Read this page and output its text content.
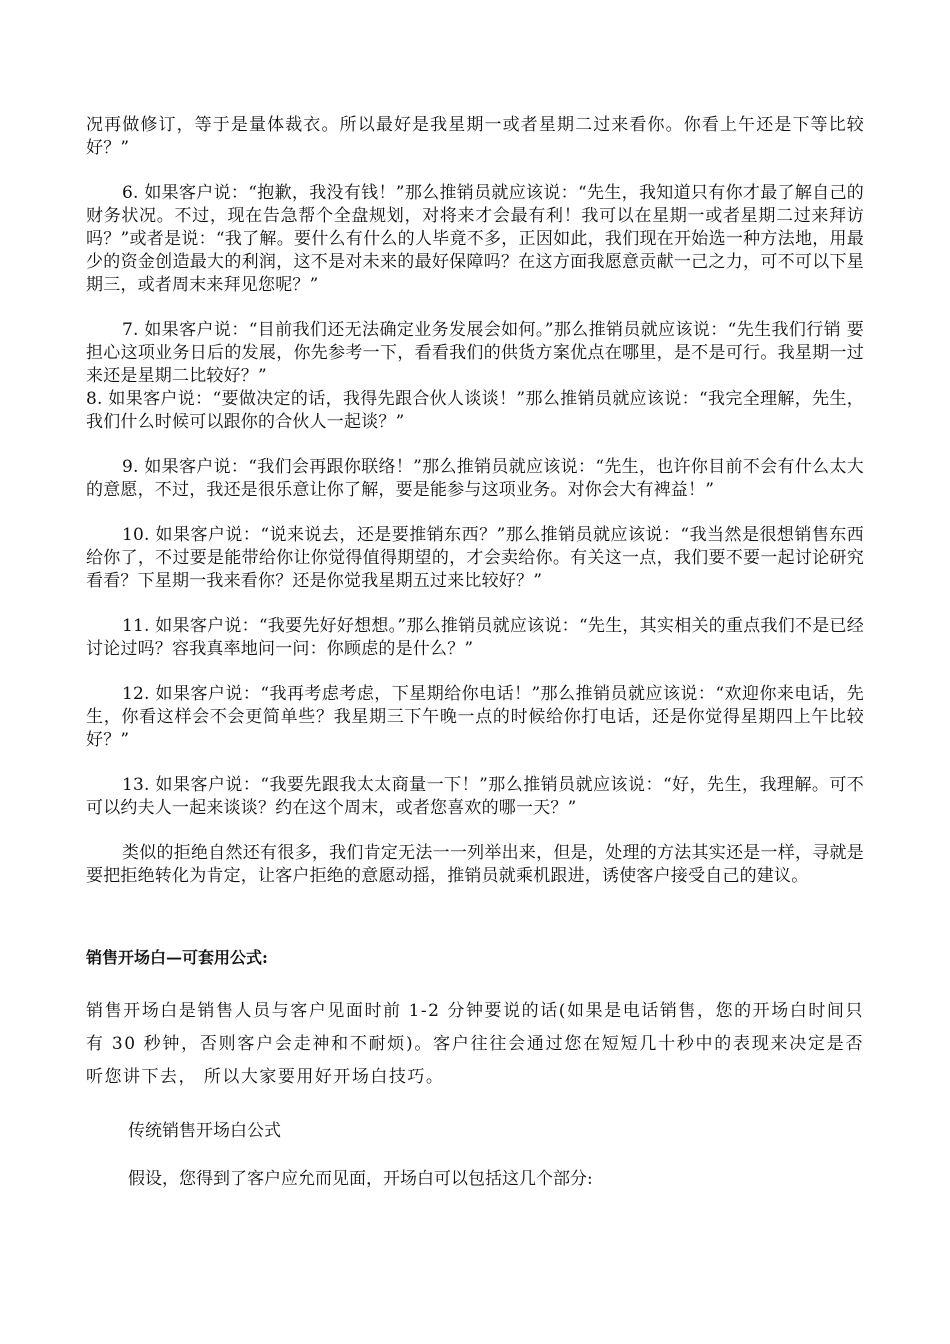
况再做修订，等于是量体裁衣。所以最好是我星期一或者星期二过来看你。你看上午还是下等比较好？”

6. 如果客户说：“抱歉，我没有钱！”那么推销员就应该说：“先生，我知道只有你才最了解自己的财务状况。不过，现在告急帮个全盘规划，对将来才会最有利！我可以在星期一或者星期二过来拜访吗？”或者是说：“我了解。要什么有什么的人毕竟不多，正因如此，我们现在开始选一种方法地，用最少的资金创造最大的利润，这不是对未来的最好保障吗？在这方面我愿意贡献一己之力，可不可以下星期三，或者周末来拜见您呢？”

7. 如果客户说：“目前我们还无法确定业务发展会如何。”那么推销员就应该说：“先生我们行销 要担心这项业务日后的发展，你先参考一下，看看我们的供货方案优点在哪里，是不是可行。我星期一过来还是星期二比较好？”

8. 如果客户说：“要做决定的话，我得先跟合伙人谈谈！”那么推销员就应该说：“我完全理解，先生，我们什么时候可以跟你的合伙人一起谈？”

9. 如果客户说：“我们会再跟你联络！”那么推销员就应该说：“先生，也许你目前不会有什么太大的意愿，不过，我还是很乐意让你了解，要是能参与这项业务。对你会大有裨益！”

10. 如果客户说：“说来说去，还是要推销东西？”那么推销员就应该说：“我当然是很想销售东西给你了，不过要是能带给你让你觉得值得期望的，才会卖给你。有关这一点，我们要不要一起讨论研究看看？下星期一我来看你？还是你觉我星期五过来比较好？”

11. 如果客户说：“我要先好好想想。”那么推销员就应该说：“先生，其实相关的重点我们不是已经讨论过吗？容我真率地问一问：你顾虑的是什么？”

12. 如果客户说：“我再考虑考虑，下星期给你电话！”那么推销员就应该说：“欢迎你来电话，先生，你看这样会不会更简单些？我星期三下午晚一点的时候给你打电话，还是你觉得星期四上午比较好？”

13. 如果客户说：“我要先跟我太太商量一下！”那么推销员就应该说：“好，先生，我理解。可不可以约夫人一起来谈谈？约在这个周末，或者您喜欢的哪一天？”

类似的拒绝自然还有很多，我们肯定无法一一列举出来，但是，处理的方法其实还是一样，寻就是要把拒绝转化为肯定，让客户拒绝的意愿动摇，推销员就乘机跟进，诱使客户接受自己的建议。

销售开场白—可套用公式:

销售开场白是销售人员与客户见面时前 1-2 分钟要说的话(如果是电话销售，您的开场白时间只有 30 秒钟，否则客户会走神和不耐烦)。客户往往会通过您在短短几十秒中的表现来决定是否听您讲下去， 所以大家要用好开场白技巧。

传统销售开场白公式

假设，您得到了客户应允而见面，开场白可以包括这几个部分:
